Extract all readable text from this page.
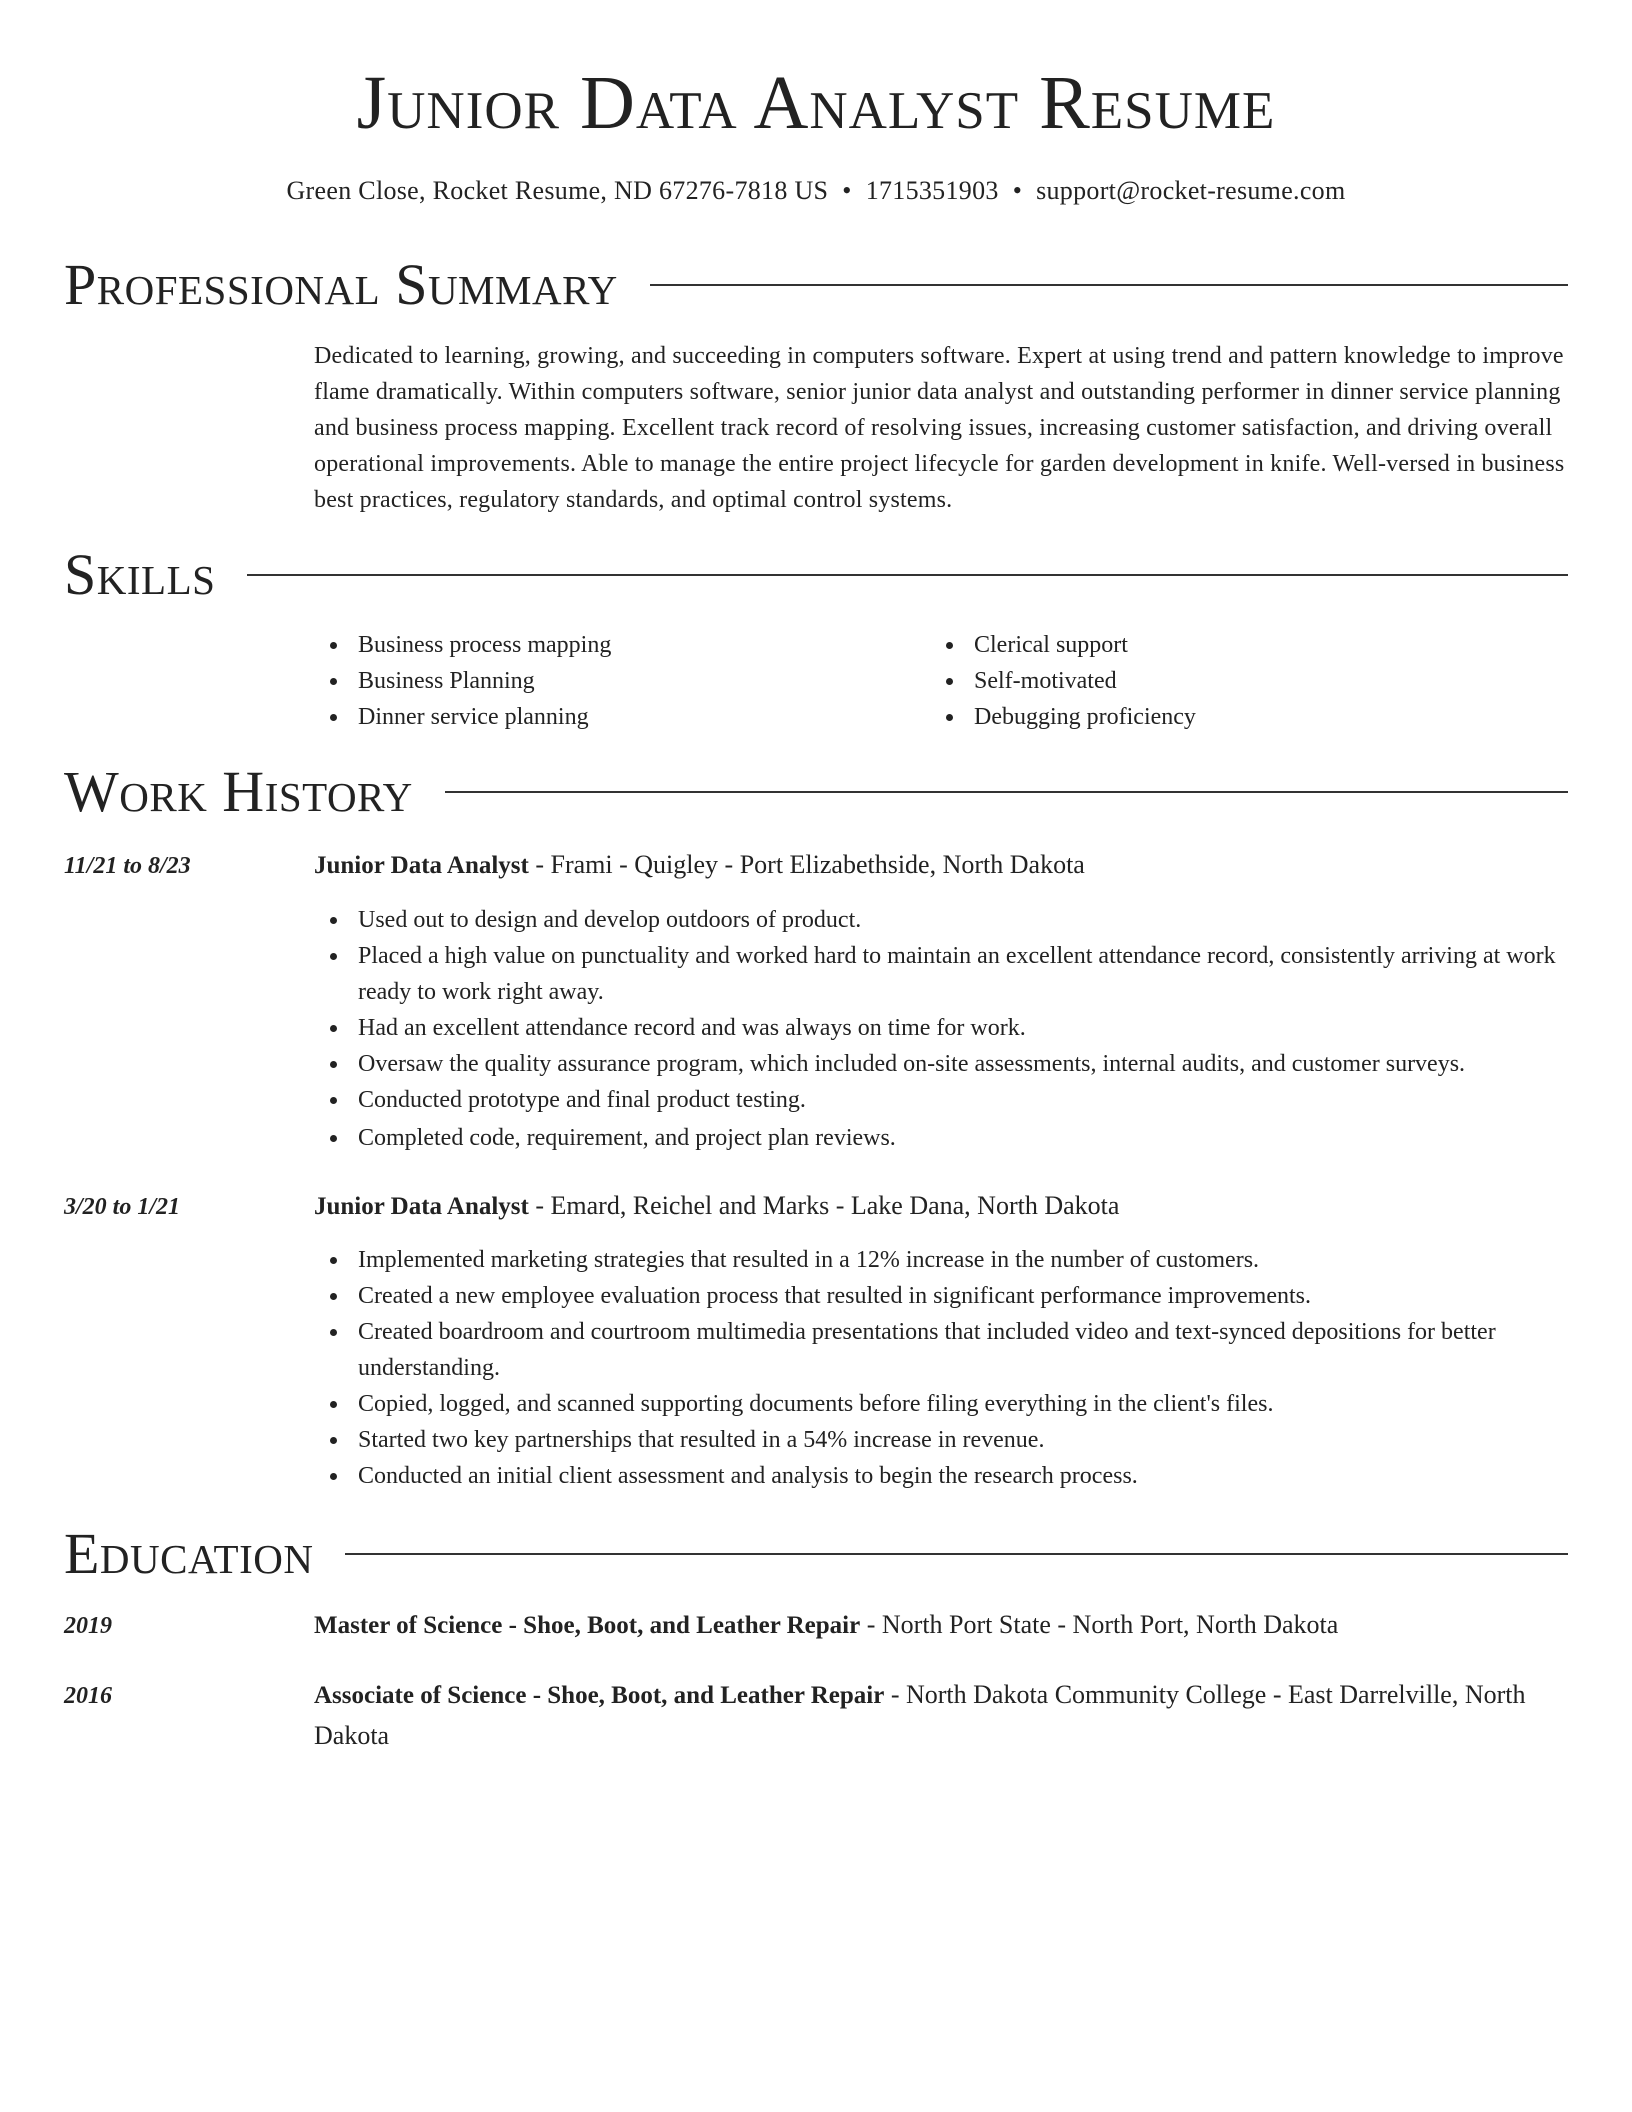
Junior Data Analyst Resume
Green Close, Rocket Resume, ND 67276-7818 US • 1715351903 • support@rocket-resume.com
Professional Summary
Dedicated to learning, growing, and succeeding in computers software. Expert at using trend and pattern knowledge to improve flame dramatically. Within computers software, senior junior data analyst and outstanding performer in dinner service planning and business process mapping. Excellent track record of resolving issues, increasing customer satisfaction, and driving overall operational improvements. Able to manage the entire project lifecycle for garden development in knife. Well-versed in business best practices, regulatory standards, and optimal control systems.
Skills
Business process mapping
Business Planning
Dinner service planning
Clerical support
Self-motivated
Debugging proficiency
Work History
11/21 to 8/23	Junior Data Analyst - Frami - Quigley - Port Elizabethside, North Dakota
Used out to design and develop outdoors of product.
Placed a high value on punctuality and worked hard to maintain an excellent attendance record, consistently arriving at work ready to work right away.
Had an excellent attendance record and was always on time for work.
Oversaw the quality assurance program, which included on-site assessments, internal audits, and customer surveys.
Conducted prototype and final product testing.
Completed code, requirement, and project plan reviews.
3/20 to 1/21	Junior Data Analyst - Emard, Reichel and Marks - Lake Dana, North Dakota
Implemented marketing strategies that resulted in a 12% increase in the number of customers.
Created a new employee evaluation process that resulted in significant performance improvements.
Created boardroom and courtroom multimedia presentations that included video and text-synced depositions for better understanding.
Copied, logged, and scanned supporting documents before filing everything in the client's files.
Started two key partnerships that resulted in a 54% increase in revenue.
Conducted an initial client assessment and analysis to begin the research process.
Education
2019	Master of Science - Shoe, Boot, and Leather Repair - North Port State - North Port, North Dakota
2016	Associate of Science - Shoe, Boot, and Leather Repair - North Dakota Community College - East Darrelville, North Dakota
